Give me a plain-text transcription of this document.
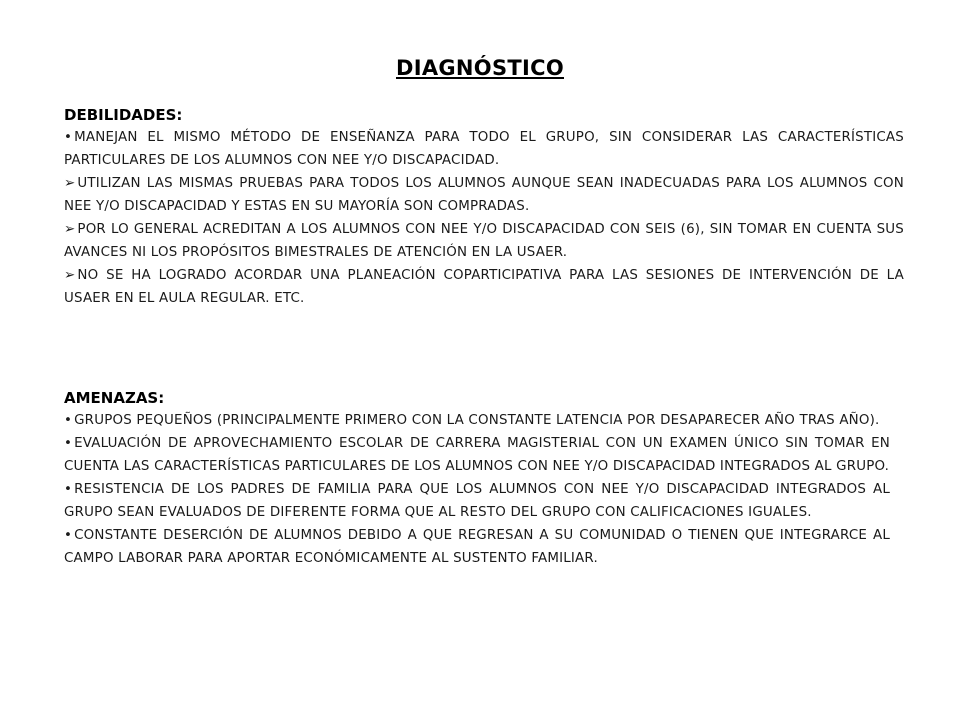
DIAGNÓSTICO
DEBILIDADES:

• MANEJAN EL MISMO MÉTODO DE ENSEÑANZA PARA TODO EL GRUPO, SIN CONSIDERAR LAS CARACTERÍSTICAS PARTICULARES DE LOS ALUMNOS CON NEE Y/O DISCAPACIDAD.

➢ UTILIZAN LAS MISMAS PRUEBAS PARA TODOS LOS ALUMNOS AUNQUE SEAN INADECUADAS PARA LOS ALUMNOS CON NEE Y/O DISCAPACIDAD Y ESTAS EN SU MAYORÍA SON COMPRADAS.

➢ POR LO GENERAL ACREDITAN A LOS ALUMNOS CON NEE Y/O DISCAPACIDAD CON SEIS (6), SIN TOMAR EN CUENTA SUS AVANCES NI LOS PROPÓSITOS BIMESTRALES DE ATENCIÓN EN LA USAER.

➢ NO SE HA LOGRADO ACORDAR UNA PLANEACIÓN COPARTICIPATIVA PARA LAS SESIONES DE INTERVENCIÓN DE LA USAER EN EL AULA REGULAR. ETC.

AMENAZAS:

• GRUPOS PEQUEÑOS (PRINCIPALMENTE PRIMERO CON LA CONSTANTE LATENCIA POR DESAPARECER AÑO TRAS AÑO).

• EVALUACIÓN DE APROVECHAMIENTO ESCOLAR DE CARRERA MAGISTERIAL CON UN EXAMEN ÚNICO SIN TOMAR EN CUENTA LAS CARACTERÍSTICAS PARTICULARES DE LOS ALUMNOS CON NEE Y/O DISCAPACIDAD INTEGRADOS AL GRUPO.

• RESISTENCIA DE LOS PADRES DE FAMILIA PARA QUE LOS ALUMNOS CON NEE Y/O DISCAPACIDAD INTEGRADOS AL GRUPO SEAN EVALUADOS DE DIFERENTE FORMA QUE AL RESTO DEL GRUPO CON CALIFICACIONES IGUALES.

• CONSTANTE DESERCIÓN DE ALUMNOS DEBIDO A QUE REGRESAN A SU COMUNIDAD O TIENEN QUE INTEGRARCE AL CAMPO LABORAR PARA APORTAR ECONÓMICAMENTE AL SUSTENTO FAMILIAR.
